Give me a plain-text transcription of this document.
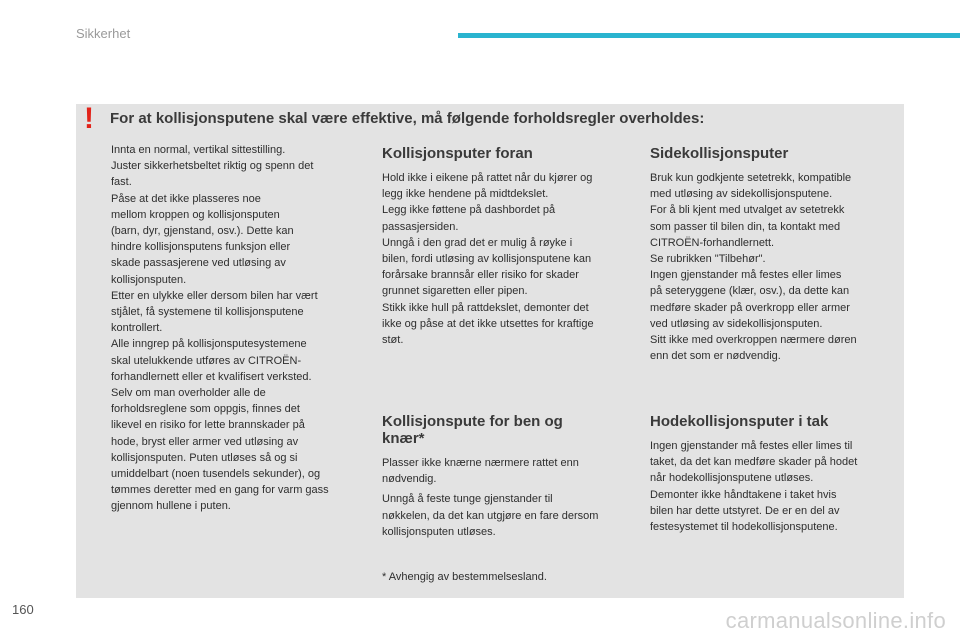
Sikkerhet
! For at kollisjonsputene skal være effektive, må følgende forholdsregler overholdes:

Innta en normal, vertikal sittestilling.

Juster sikkerhetsbeltet riktig og spenn det

fast.

Påse at det ikke plasseres noe

mellom kroppen og kollisjonsputen

(barn, dyr, gjenstand, osv.). Dette kan

hindre kollisjonsputens funksjon eller

skade passasjerene ved utløsing av

kollisjonsputen.

Etter en ulykke eller dersom bilen har vært

stjålet, få systemene til kollisjonsputene

kontrollert.

Alle inngrep på kollisjonsputesystemene

skal utelukkende utføres av CITROËN-

forhandlernett eller et kvalifisert verksted.

Selv om man overholder alle de

forholdsreglene som oppgis, finnes det

likevel en risiko for lette brannskader på

hode, bryst eller armer ved utløsing av

kollisjonsputen. Puten utløses så og si

umiddelbart (noen tusendels sekunder), og

tømmes deretter med en gang for varm gass

gjennom hullene i puten.

Kollisjonsputer foran

Hold ikke i eikene på rattet når du kjører og

legg ikke hendene på midtdekslet.

Legg ikke føttene på dashbordet på

passasjersiden.

Unngå i den grad det er mulig å røyke i

bilen, fordi utløsing av kollisjonsputene kan

forårsake brannsår eller risiko for skader

grunnet sigaretten eller pipen.

Stikk ikke hull på rattdekslet, demonter det

ikke og påse at det ikke utsettes for kraftige

støt.

Sidekollisjonsputer

Bruk kun godkjente setetrekk, kompatible

med utløsing av sidekollisjonsputene.

For å bli kjent med utvalget av setetrekk

som passer til bilen din, ta kontakt med

CITROËN-forhandlernett.

Se rubrikken "Tilbehør".

Ingen gjenstander må festes eller limes

på seteryggene (klær, osv.), da dette kan

medføre skader på overkropp eller armer

ved utløsing av sidekollisjonsputen.

Sitt ikke med overkroppen nærmere døren

enn det som er nødvendig.

Kollisjonspute for ben og
knær*

Plasser ikke knærne nærmere rattet enn

nødvendig.

Unngå å feste tunge gjenstander til

nøkkelen, da det kan utgjøre en fare dersom

kollisjonsputen utløses.

Hodekollisjonsputer i tak

Ingen gjenstander må festes eller limes til

taket, da det kan medføre skader på hodet

når hodekollisjonsputene utløses.

Demonter ikke håndtakene i taket hvis

bilen har dette utstyret. De er en del av

festesystemet til hodekollisjonsputene.

* Avhengig av bestemmelsesland.
160	carmanualsonline.info
